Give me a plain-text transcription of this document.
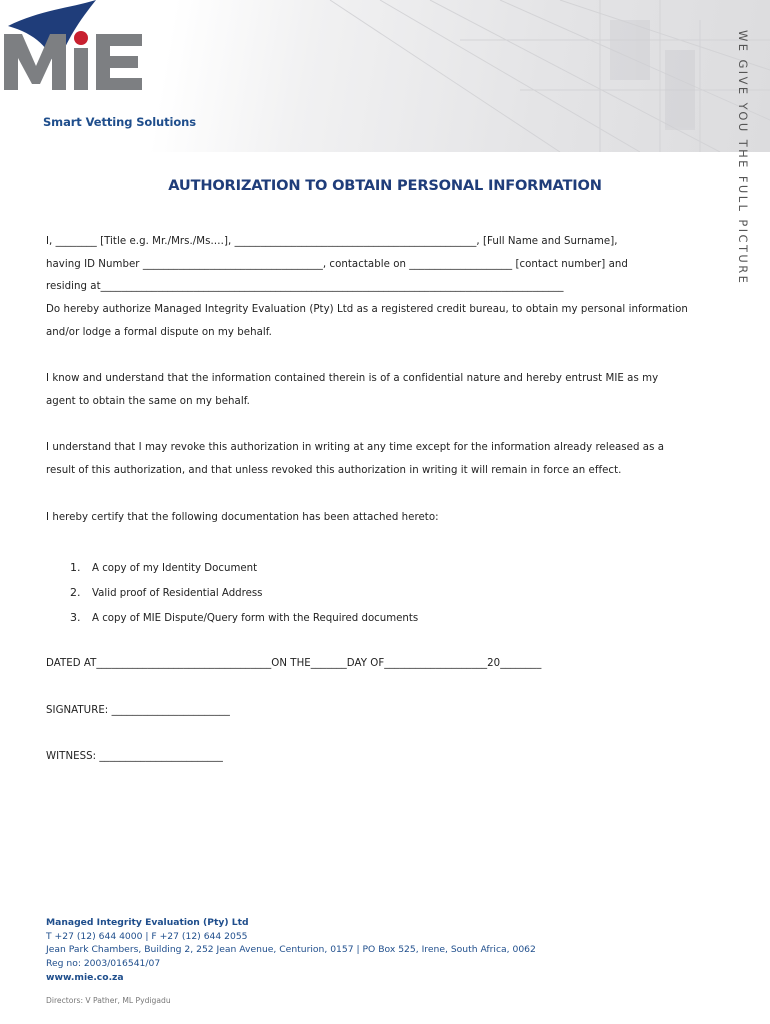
Smart Vetting Solutions	WE GIVE YOU THE FULL PICTURE
AUTHORIZATION TO OBTAIN PERSONAL INFORMATION
I, ________ [Title e.g. Mr./Mrs./Ms.…], _______________________________________________, [Full Name and Surname],
having ID Number ___________________________________, contactable on ____________________ [contact number] and
residing at__________________________________________________________________________________________
Do hereby authorize Managed Integrity Evaluation (Pty) Ltd as a registered credit bureau, to obtain my personal information
and/or lodge a formal dispute on my behalf.
I know and understand that the information contained therein is of a confidential nature and hereby entrust MIE as my
agent to obtain the same on my behalf.
I understand that I may revoke this authorization in writing at any time except for the information already released as a
result of this authorization, and that unless revoked this authorization in writing it will remain in force an effect.
I hereby certify that the following documentation has been attached hereto:
1. A copy of my Identity Document
2. Valid proof of Residential Address
3. A copy of MIE Dispute/Query form with the Required documents
DATED AT__________________________________ON THE_______DAY OF____________________20________
SIGNATURE: _______________________
WITNESS: ________________________
Managed Integrity Evaluation (Pty) Ltd
T +27 (12) 644 4000 | F +27 (12) 644 2055
Jean Park Chambers, Building 2, 252 Jean Avenue, Centurion, 0157 | PO Box 525, Irene, South Africa, 0062
Reg no: 2003/016541/07
www.mie.co.za
Directors: V Pather, ML Pydigadu
